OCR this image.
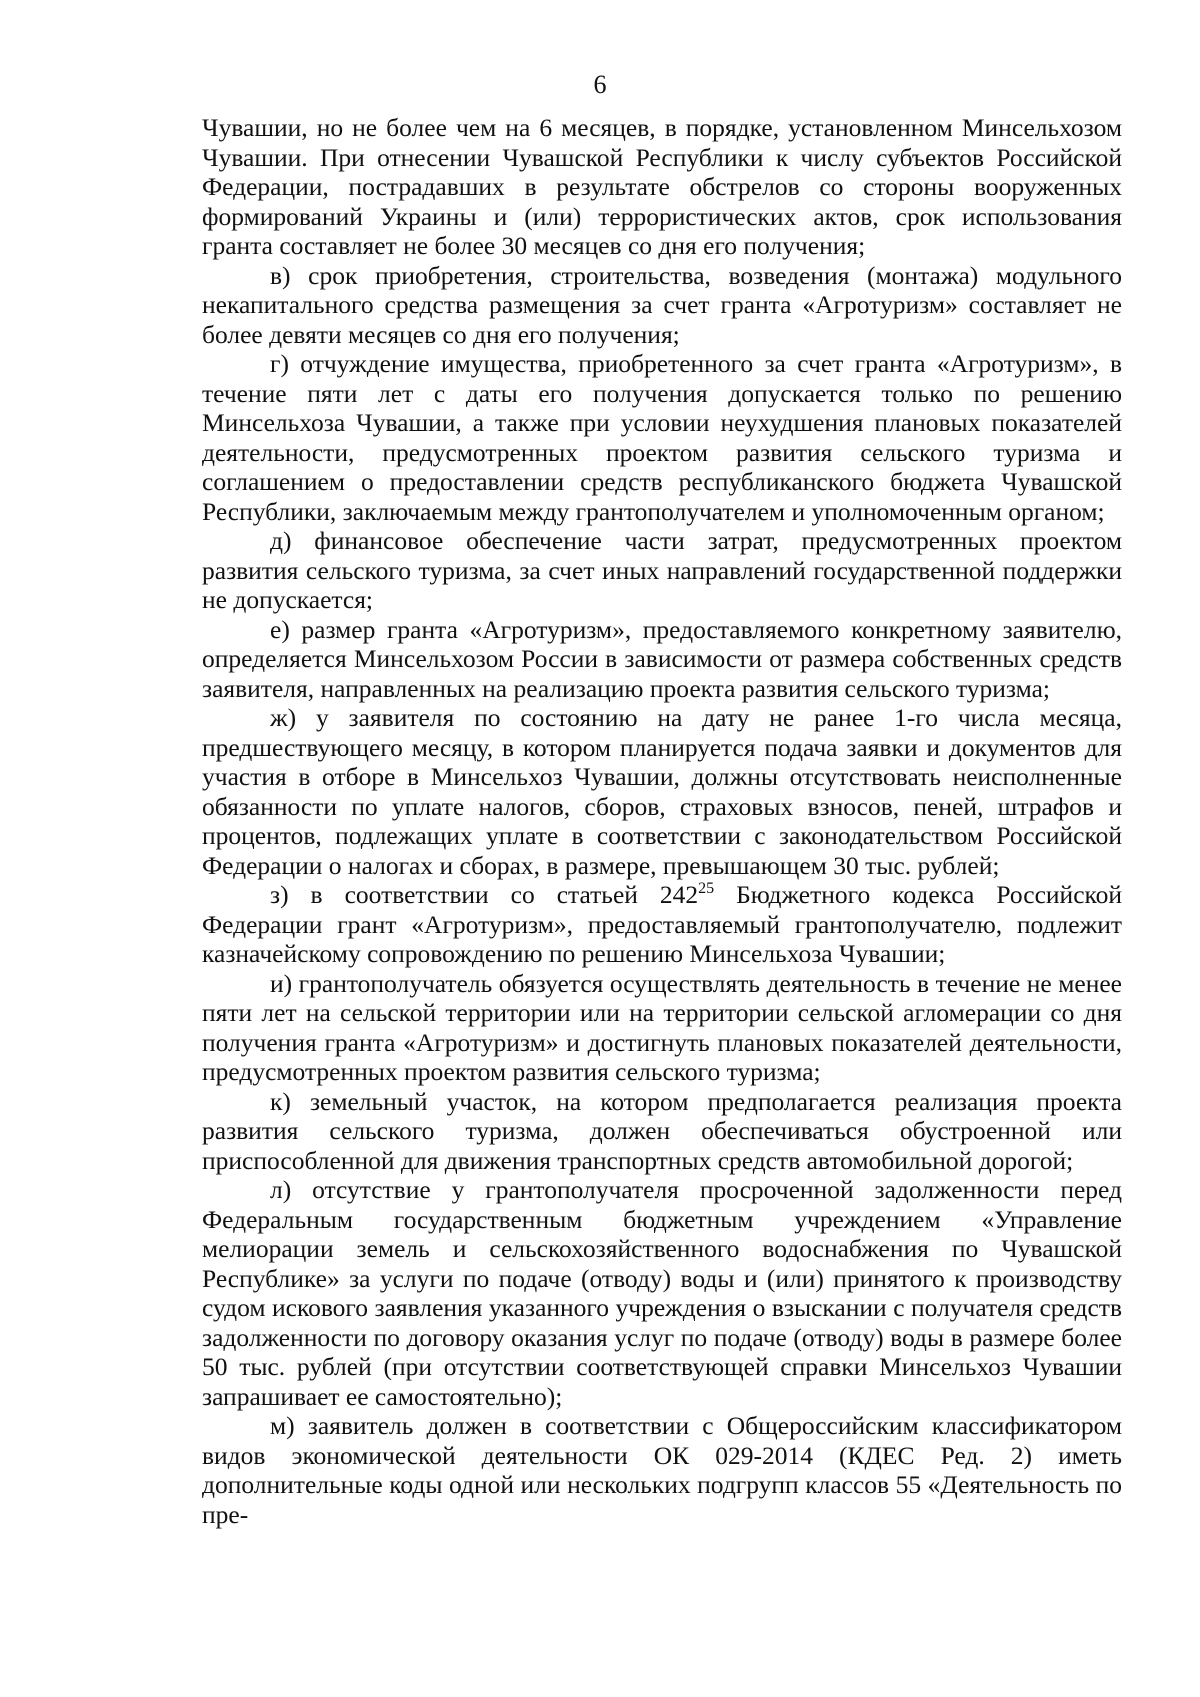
6

Чувашии, но не более чем на 6 месяцев, в порядке, установленном Минсельхозом Чувашии. При отнесении Чувашской Республики к числу субъектов Российской Федерации, пострадавших в результате обстрелов со стороны вооруженных формирований Украины и (или) террористических актов, срок использования гранта составляет не более 30 месяцев со дня его получения;

в) срок приобретения, строительства, возведения (монтажа) модульного некапитального средства размещения за счет гранта «Агротуризм» составляет не более девяти месяцев со дня его получения;

г) отчуждение имущества, приобретенного за счет гранта «Агротуризм», в течение пяти лет с даты его получения допускается только по решению Минсельхоза Чувашии, а также при условии неухудшения плановых показателей деятельности, предусмотренных проектом развития сельского туризма и соглашением о предоставлении средств республиканского бюджета Чувашской Республики, заключаемым между грантополучателем и уполномоченным органом;

д) финансовое обеспечение части затрат, предусмотренных проектом развития сельского туризма, за счет иных направлений государственной поддержки не допускается;

е) размер гранта «Агротуризм», предоставляемого конкретному заявителю, определяется Минсельхозом России в зависимости от размера собственных средств заявителя, направленных на реализацию проекта развития сельского туризма;

ж) у заявителя по состоянию на дату не ранее 1-го числа месяца, предшествующего месяцу, в котором планируется подача заявки и документов для участия в отборе в Минсельхоз Чувашии, должны отсутствовать неисполненные обязанности по уплате налогов, сборов, страховых взносов, пеней, штрафов и процентов, подлежащих уплате в соответствии с законодательством Российской Федерации о налогах и сборах, в размере, превышающем 30 тыс. рублей;

з) в соответствии со статьей $242^{25}$ Бюджетного кодекса Российской Федерации грант «Агротуризм», предоставляемый грантополучателю, подлежит казначейскому сопровождению по решению Минсельхоза Чувашии;

и) грантополучатель обязуется осуществлять деятельность в течение не менее пяти лет на сельской территории или на территории сельской агломерации со дня получения гранта «Агротуризм» и достигнуть плановых показателей деятельности, предусмотренных проектом развития сельского туризма;

к) земельный участок, на котором предполагается реализация проекта развития сельского туризма, должен обеспечиваться обустроенной или приспособленной для движения транспортных средств автомобильной дорогой;

л) отсутствие у грантополучателя просроченной задолженности перед Федеральным государственным бюджетным учреждением «Управление мелиорации земель и сельскохозяйственного водоснабжения по Чувашской Республике» за услуги по подаче (отводу) воды и (или) принятого к производству судом искового заявления указанного учреждения о взыскании с получателя средств задолженности по договору оказания услуг по подаче (отводу) воды в размере более 50 тыс. рублей (при отсутствии соответствующей справки Минсельхоз Чувашии запрашивает ее самостоятельно);

м) заявитель должен в соответствии с Общероссийским классификатором видов экономической деятельности ОК 029-2014 (КДЕС Ред. 2) иметь дополнительные коды одной или нескольких подгрупп классов 55 «Деятельность по пре-
